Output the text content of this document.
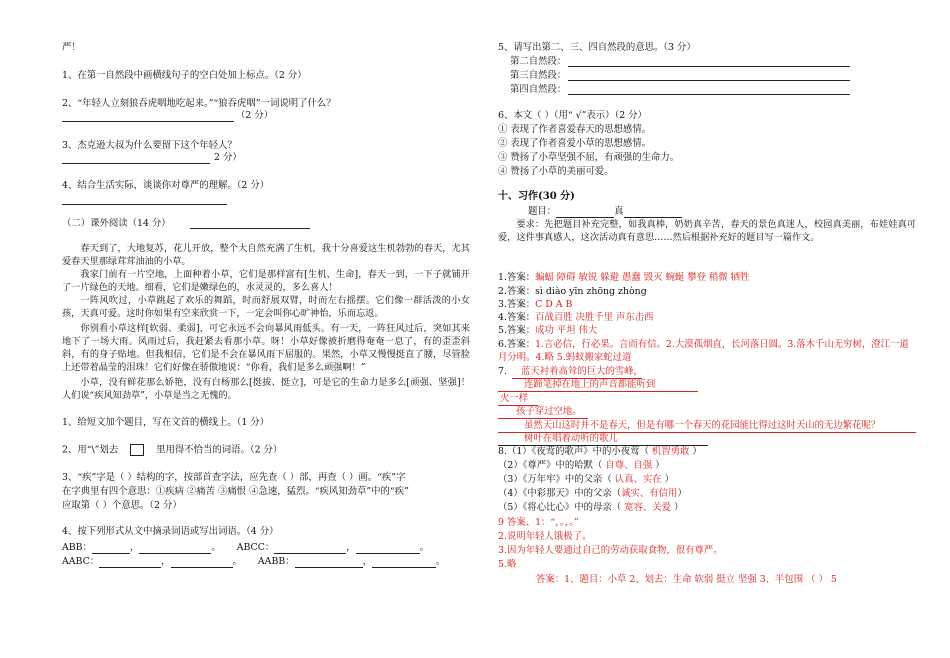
严！
1、在第一自然段中画横线句子的空白处加上标点。（2 分）
2、“年轻人立刻狼吞虎咽地吃起来。”“狼吞虎咽”一词说明了什么？
（2 分）
3、杰克逊大叔为什么要留下这个年轻人？
2 分）
4、结合生活实际，谈谈你对尊严的理解。（2 分）
（二）课外阅读（14 分）
春天到了，大地复苏，花儿开放，整个大自然充满了生机，我十分喜爱这生机勃勃的春天，尤其爱春天里那绿茸茸油油的小草。
我家门前有一片空地，上面种着小草，它们是那样富有[生机、生命]，春天一到，一下子就铺开了一片绿色的天地。细看，它们是嫩绿色的，水灵灵的，多么喜人！
一阵风吹过，小草跳起了欢乐的舞蹈，时而舒展双臂，时而左右摇摆。它们像一群活泼的小女孩，天真可爱。这时你如果有空来欣赏一下，一定会叫你心旷神怡，乐而忘返。
你别看小草这样[软弱、柔弱]，可它永远不会向暴风雨低头。有一天，一阵狂风过后，突如其来地下了一场大雨。风雨过后，我赶紧去看那小草。呀！小草好像被折磨得奄奄一息了，有的歪歪斜斜，有的身子贴地。但我相信，它们是不会在暴风雨下屈服的。果然，小草又慢慢挺直了腰，尽管脸上还带着晶莹的泪珠！它们好像在骄傲地说：“你看，我们是多么顽强啊！”
小草，没有鲜花那么娇艳，没有白杨那么[挺拔、挺立]，可是它的生命力是多么[顽强、坚强]！人们说“疾风知劲草”，小草是当之无愧的。
1、给短文加个题目，写在文首的横线上。（1 分）
2、用“\”划去	里用得不恰当的词语。（2 分）
3、“疾”字是（ ）结构的字，按部首查字法，应先查（ ）部，再查（ ）画。“疾”字
在字典里有四个意思：①疾病 ②痛苦 ③痛恨 ④急速，猛烈。“疾风知劲草”中的“疾”
应取第（ ）个意思。（2 分）
4、按下列形式从文中摘录词语或写出词语。（4 分）
ABB：	，	。 ABCC：	，	。
AABC：	，	。 AABB：	，	。
5、请写出第二、三、四自然段的意思。（3 分）
第二自然段：
第三自然段：
第四自然段：
6、本文（ ）（用“ √”表示）（2 分）
① 表现了作者喜爱春天的思想感情。
② 表现了作者喜爱小草的思想感情。
③ 赞扬了小草坚强不屈，有顽强的生命力。
④ 赞扬了小草的美丽可爱。
十、习作(30 分)
题目：	真
要求：先把题目补充完整，如我真棒，奶奶真辛苦，春天的景色真迷人，校园真美丽，布娃娃真可爱，这件事真感人，这次活动真有意思……然后根据补充好的题目写一篇作文。
1.答案：蝙蝠 障碍 敏锐 躲避 愚蠢 毁灭 蜿蜒 攀登 稍微 牺牲
2.答案：sì diào yīn zhōng zhòng
3.答案：C D A B
4.答案：百战百胜 决胜千里 声东击西
5.答案：成功 平坦 伟大
6.答案：1.言必信，行必果。言而有信。2.大漠孤烟直，长河落日圆。3.落木千山无穷树，澄江一道
月分明。4.略 5.蚂蚁搬家蛇过道
7. 蓝天衬着高耸的巨大的雪峰，
连蹄笔掉在地上的声音都能听到
火一样
孩子穿过空地。
虽然天山这时并不是春天，但是有哪一个春天的花园能比得过这时天山的无边繁花呢？
树叶在唱着动听的歌儿
8.（1）《夜莺的歌声》中的小夜莺（ 机智勇敢 ）
（2）《尊严》中的哈默（ 自尊、自强 ）
（3）《万年牢》中的父亲（ 认真、实在 ）
（4）《中彩那天》中的父亲（诚实、有信用）
（5）《将心比心》中的母亲（ 宽容、关爱 ）
9 答案、1：“，。，。”
2.说明年轻人饿极了。
3.因为年轻人要通过自己的劳动获取食物，很有尊严。
5.略
答案：1、题目：小草 2、划去：生命 软弱 挺立 坚强 3、半包围 （ ） 5
